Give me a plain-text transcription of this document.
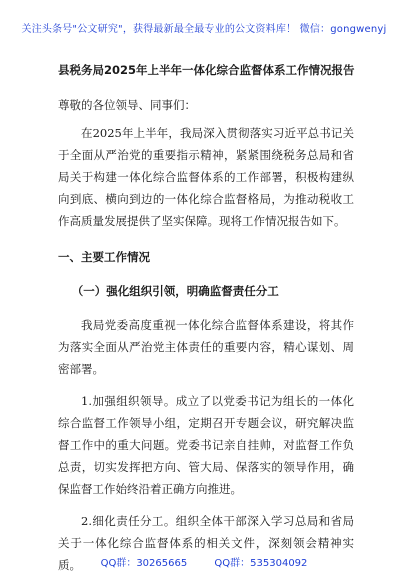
关注头条号"公文研究"，获得最新最全最专业的公文资料库！ 微信：gongwenyj
县税务局2025年上半年一体化综合监督体系工作情况报告

尊敬的各位领导、同事们：

在2025年上半年，我局深入贯彻落实习近平总书记关于全面从严治党的重要指示精神，紧紧围绕税务总局和省局关于构建一体化综合监督体系的工作部署，积极构建纵向到底、横向到边的一体化综合监督格局，为推动税收工作高质量发展提供了坚实保障。现将工作情况报告如下。

一、主要工作情况
（一）强化组织引领，明确监督责任分工

我局党委高度重视一体化综合监督体系建设，将其作为落实全面从严治党主体责任的重要内容，精心谋划、周密部署。

1.加强组织领导。成立了以党委书记为组长的一体化综合监督工作领导小组，定期召开专题会议，研究解决监督工作中的重大问题。党委书记亲自挂帅，对监督工作负总责，切实发挥把方向、管大局、保落实的领导作用，确保监督工作始终沿着正确方向推进。

2.细化责任分工。组织全体干部深入学习总局和省局关于一体化综合监督体系的相关文件，深刻领会精神实质。	QQ群：30265665	QQ群：535304092
